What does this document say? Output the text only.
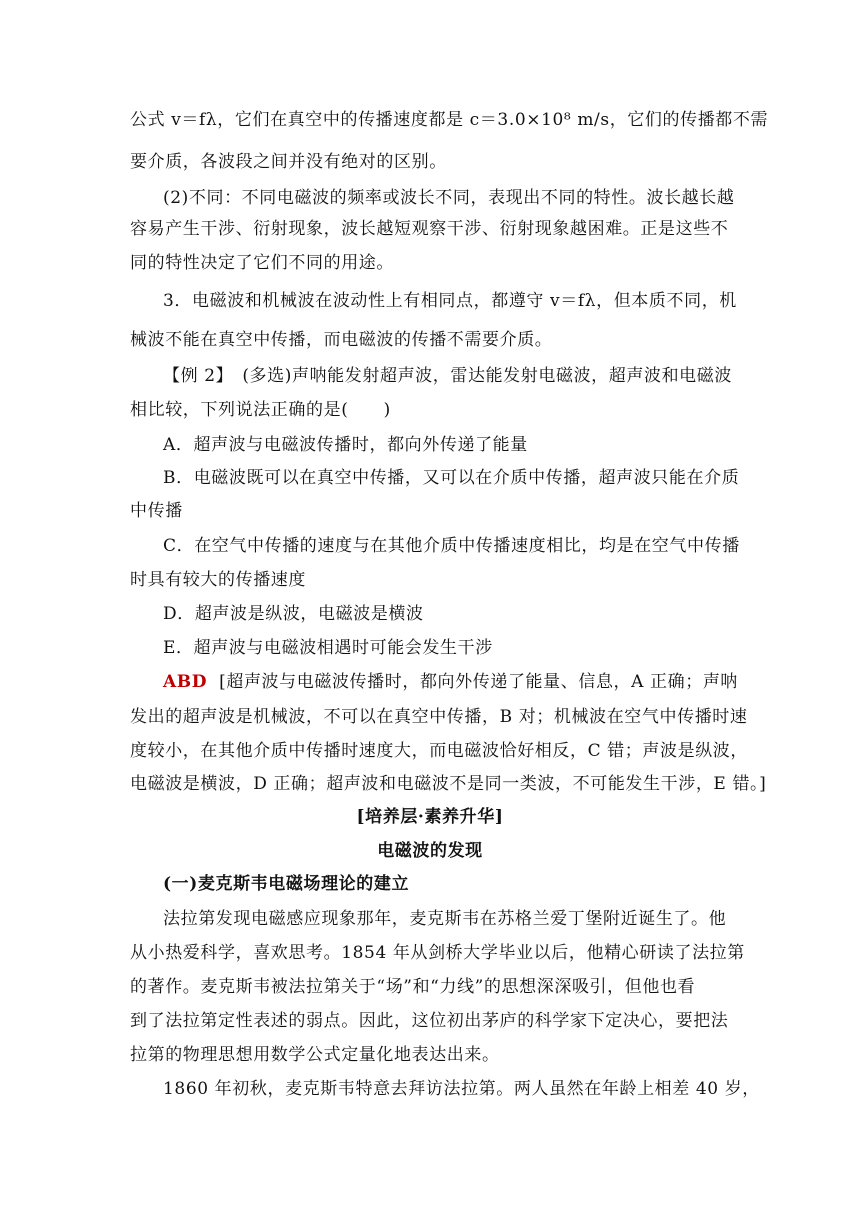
公式 v＝fλ，它们在真空中的传播速度都是 c＝3.0×10⁸ m/s，它们的传播都不需
要介质，各波段之间并没有绝对的区别。
(2)不同：不同电磁波的频率或波长不同，表现出不同的特性。波长越长越
容易产生干涉、衍射现象，波长越短观察干涉、衍射现象越困难。正是这些不
同的特性决定了它们不同的用途。
3．电磁波和机械波在波动性上有相同点，都遵守 v＝fλ，但本质不同，机
械波不能在真空中传播，而电磁波的传播不需要介质。
【例 2】　(多选)声呐能发射超声波，雷达能发射电磁波，超声波和电磁波
相比较，下列说法正确的是(　　)
A．超声波与电磁波传播时，都向外传递了能量
B．电磁波既可以在真空中传播，又可以在介质中传播，超声波只能在介质
中传播
C．在空气中传播的速度与在其他介质中传播速度相比，均是在空气中传播
时具有较大的传播速度
D．超声波是纵波，电磁波是横波
E．超声波与电磁波相遇时可能会发生干涉
ABD [超声波与电磁波传播时，都向外传递了能量、信息，A 正确；声呐
发出的超声波是机械波，不可以在真空中传播，B 对；机械波在空气中传播时速
度较小，在其他介质中传播时速度大，而电磁波恰好相反，C 错；声波是纵波，
电磁波是横波，D 正确；超声波和电磁波不是同一类波，不可能发生干涉，E 错。]
[培养层·素养升华]
电磁波的发现
(一)麦克斯韦电磁场理论的建立
法拉第发现电磁感应现象那年，麦克斯韦在苏格兰爱丁堡附近诞生了。他
从小热爱科学，喜欢思考。1854 年从剑桥大学毕业以后，他精心研读了法拉第
的著作。麦克斯韦被法拉第关于“场”和“力线”的思想深深吸引，但他也看
到了法拉第定性表述的弱点。因此，这位初出茅庐的科学家下定决心，要把法
拉第的物理思想用数学公式定量化地表达出来。
1860 年初秋，麦克斯韦特意去拜访法拉第。两人虽然在年龄上相差 40 岁，
